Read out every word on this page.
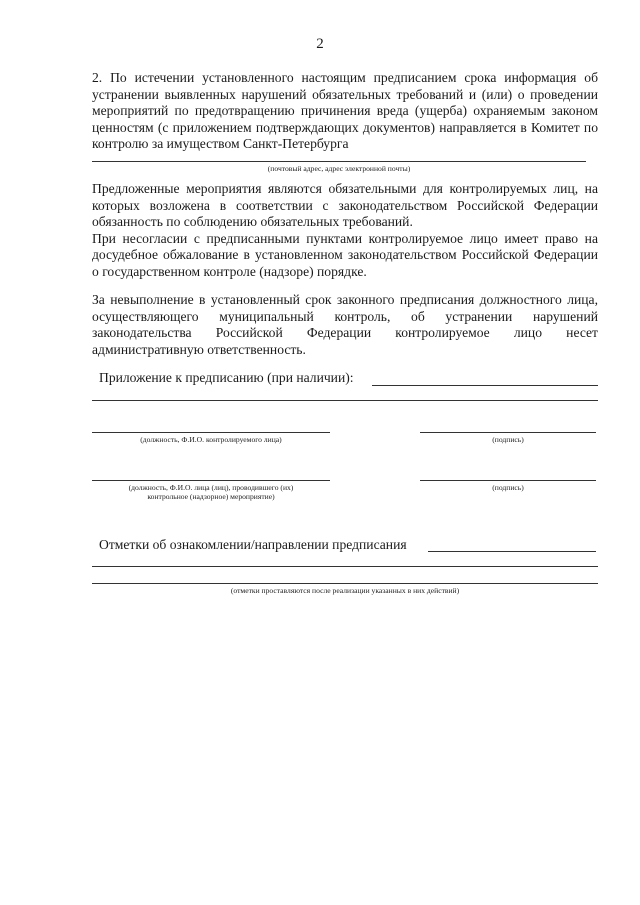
2

2. По истечении установленного настоящим предписанием срока информация об устранении выявленных нарушений обязательных требований и (или) о проведении мероприятий по предотвращению причинения вреда (ущерба) охраняемым законом ценностям (с приложением подтверждающих документов) направляется в Комитет по контролю за имуществом Санкт-Петербурга

(почтовый адрес, адрес электронной почты)

Предложенные мероприятия являются обязательными для контролируемых лиц, на которых возложена в соответствии с законодательством Российской Федерации обязанность по соблюдению обязательных требований.

При несогласии с предписанными пунктами контролируемое лицо имеет право на досудебное обжалование в установленном законодательством Российской Федерации о государственном контроле (надзоре) порядке.

За невыполнение в установленный срок законного предписания должностного лица, осуществляющего муниципальный контроль, об устранении нарушений законодательства Российской Федерации контролируемое лицо несет административную ответственность.

Приложение к предписанию (при наличии):
(должность, Ф.И.О. контролируемого лица)	(подпись)
(должность, Ф.И.О. лица (лиц), проводившего (их)
контрольное (надзорное) мероприятие)
(подпись)
Отметки об ознакомлении/направлении предписания
(отметки проставляются после реализации указанных в них действий)
